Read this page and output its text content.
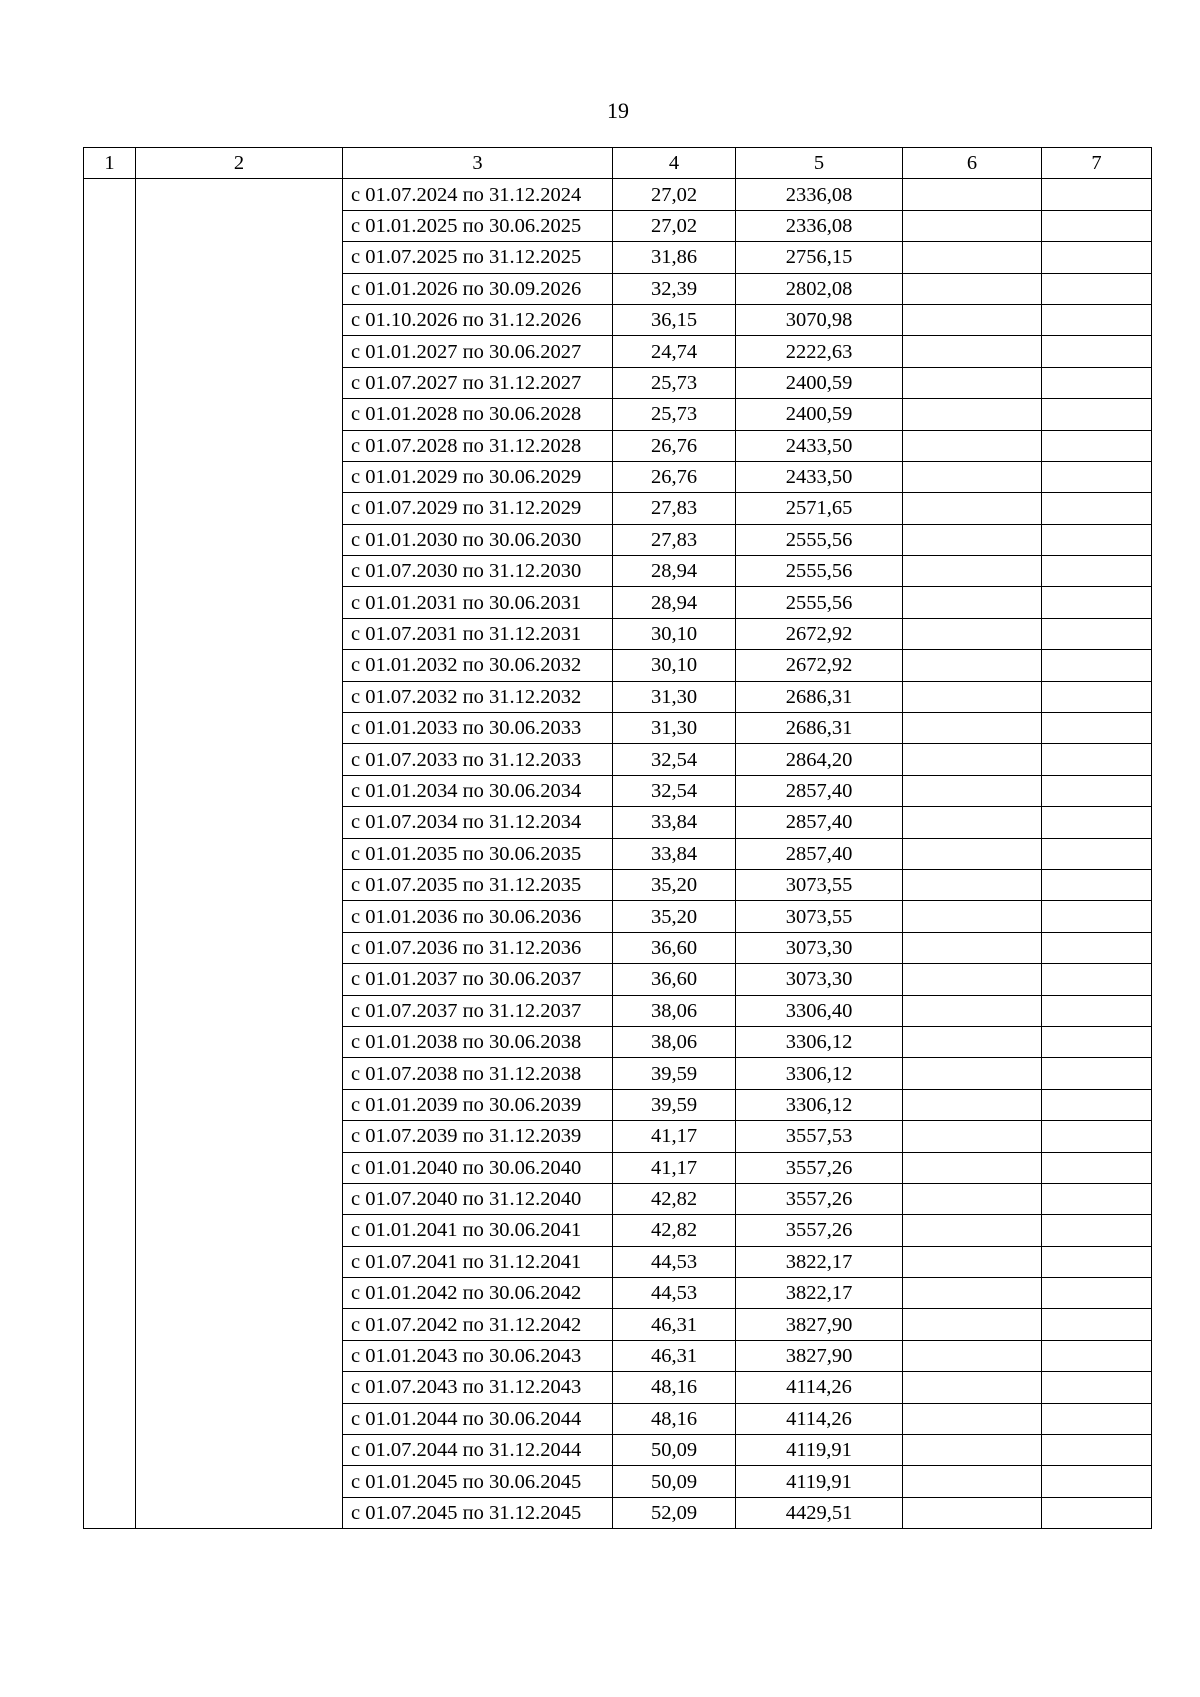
19
1	2	3	4	5	6	7
		с 01.07.2024 по 31.12.2024	27,02	2336,08		
		с 01.01.2025 по 30.06.2025	27,02	2336,08		
		с 01.07.2025 по 31.12.2025	31,86	2756,15		
		с 01.01.2026 по 30.09.2026	32,39	2802,08		
		с 01.10.2026 по 31.12.2026	36,15	3070,98		
		с 01.01.2027 по 30.06.2027	24,74	2222,63		
		с 01.07.2027 по 31.12.2027	25,73	2400,59		
		с 01.01.2028 по 30.06.2028	25,73	2400,59		
		с 01.07.2028 по 31.12.2028	26,76	2433,50		
		с 01.01.2029 по 30.06.2029	26,76	2433,50		
		с 01.07.2029 по 31.12.2029	27,83	2571,65		
		с 01.01.2030 по 30.06.2030	27,83	2555,56		
		с 01.07.2030 по 31.12.2030	28,94	2555,56		
		с 01.01.2031 по 30.06.2031	28,94	2555,56		
		с 01.07.2031 по 31.12.2031	30,10	2672,92		
		с 01.01.2032 по 30.06.2032	30,10	2672,92		
		с 01.07.2032 по 31.12.2032	31,30	2686,31		
		с 01.01.2033 по 30.06.2033	31,30	2686,31		
		с 01.07.2033 по 31.12.2033	32,54	2864,20		
		с 01.01.2034 по 30.06.2034	32,54	2857,40		
		с 01.07.2034 по 31.12.2034	33,84	2857,40		
		с 01.01.2035 по 30.06.2035	33,84	2857,40		
		с 01.07.2035 по 31.12.2035	35,20	3073,55		
		с 01.01.2036 по 30.06.2036	35,20	3073,55		
		с 01.07.2036 по 31.12.2036	36,60	3073,30		
		с 01.01.2037 по 30.06.2037	36,60	3073,30		
		с 01.07.2037 по 31.12.2037	38,06	3306,40		
		с 01.01.2038 по 30.06.2038	38,06	3306,12		
		с 01.07.2038 по 31.12.2038	39,59	3306,12		
		с 01.01.2039 по 30.06.2039	39,59	3306,12		
		с 01.07.2039 по 31.12.2039	41,17	3557,53		
		с 01.01.2040 по 30.06.2040	41,17	3557,26		
		с 01.07.2040 по 31.12.2040	42,82	3557,26		
		с 01.01.2041 по 30.06.2041	42,82	3557,26		
		с 01.07.2041 по 31.12.2041	44,53	3822,17		
		с 01.01.2042 по 30.06.2042	44,53	3822,17		
		с 01.07.2042 по 31.12.2042	46,31	3827,90		
		с 01.01.2043 по 30.06.2043	46,31	3827,90		
		с 01.07.2043 по 31.12.2043	48,16	4114,26		
		с 01.01.2044 по 30.06.2044	48,16	4114,26		
		с 01.07.2044 по 31.12.2044	50,09	4119,91		
		с 01.01.2045 по 30.06.2045	50,09	4119,91		
		с 01.07.2045 по 31.12.2045	52,09	4429,51		
